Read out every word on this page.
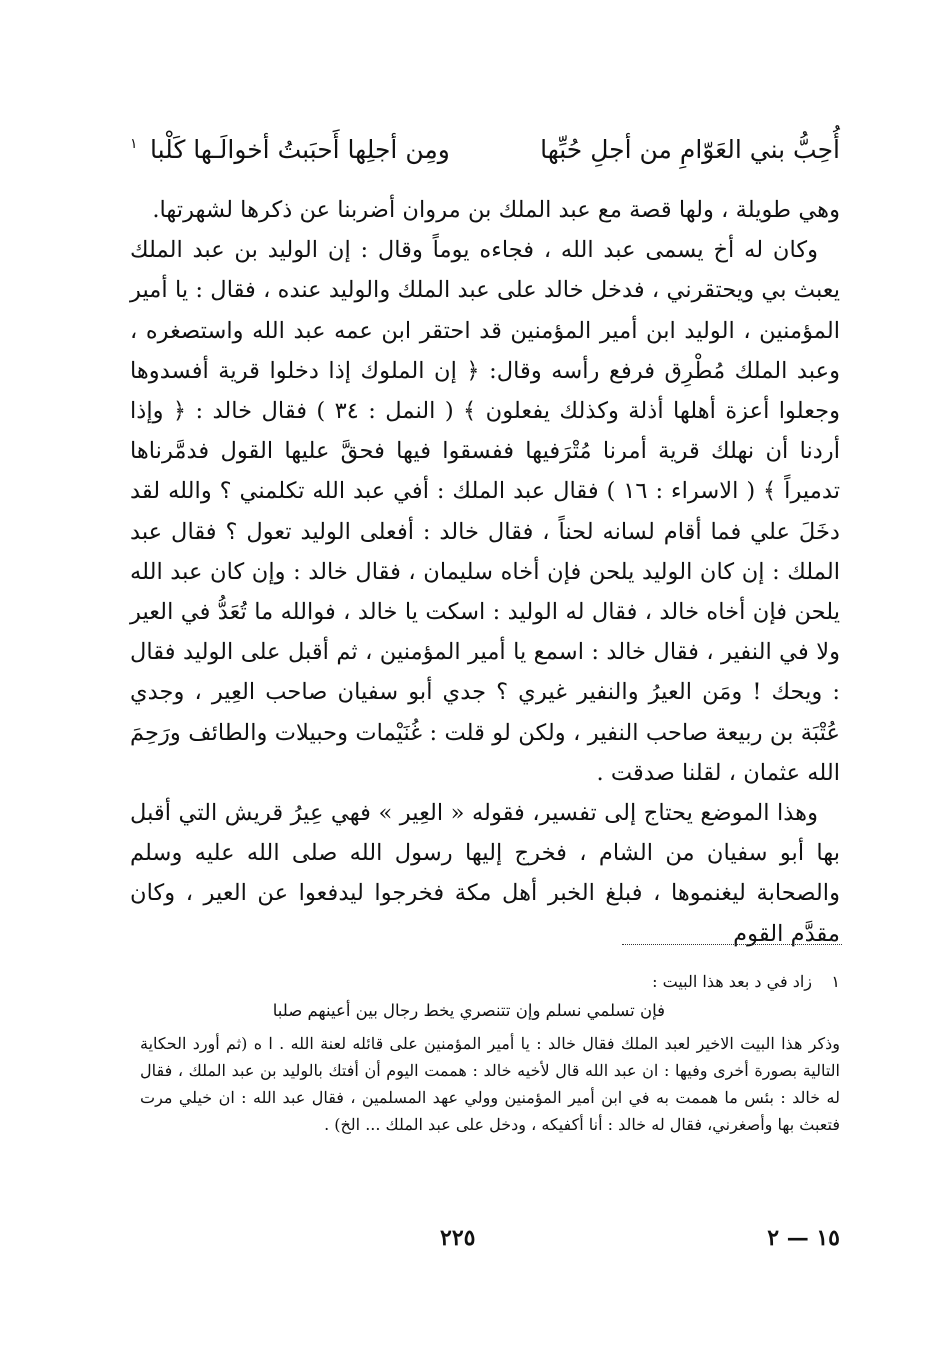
أُحِبُّ بني العَوّامِ من أجلِ حُبِّها
ومِن أجلِها أَحبَبتُ أخوالَـها كَلْبا
١

وهي طويلة ، ولها قصة مع عبد الملك بن مروان أضربنا عن ذكرها لشهرتها.

وكان له أخ يسمى عبد الله ، فجاءه يوماً وقال : إن الوليد بن عبد الملك يعبث بي ويحتقرني ، فدخل خالد على عبد الملك والوليد عنده ، فقال : يا أمير المؤمنين ، الوليد ابن أمير المؤمنين قد احتقر ابن عمه عبد الله واستصغره ، وعبد الملك مُطْرِق فرفع رأسه وقال: ﴿ إن الملوك إذا دخلوا قرية أفسدوها وجعلوا أعزة أهلها أذلة وكذلك يفعلون ﴾ ( النمل : ٣٤ ) فقال خالد : ﴿ وإذا أردنا أن نهلك قرية أمرنا مُتْرَفيها ففسقوا فيها فحقَّ عليها القول فدمَّرناها تدميراً ﴾ ( الاسراء : ١٦ ) فقال عبد الملك : أفي عبد الله تكلمني ؟ والله لقد دخَلَ علي فما أقام لسانه لحناً ، فقال خالد : أفعلى الوليد تعول ؟ فقال عبد الملك : إن كان الوليد يلحن فإن أخاه سليمان ، فقال خالد : وإن كان عبد الله يلحن فإن أخاه خالد ، فقال له الوليد : اسكت يا خالد ، فوالله ما تُعَدُّ في العير ولا في النفير ، فقال خالد : اسمع يا أمير المؤمنين ، ثم أقبل على الوليد فقال : ويحك ! ومَن العيرُ والنفير غيري ؟ جدي أبو سفيان صاحب العِير ، وجدي عُتْبَة بن ربيعة صاحب النفير ، ولكن لو قلت : غُنَيْمات وحبيلات والطائف ورَحِمَ الله عثمان ، لقلنا صدقت .

وهذا الموضع يحتاج إلى تفسير، فقوله « العِير » فهي عِيرُ قريش التي أقبل بها أبو سفيان من الشام ، فخرج إليها رسول الله صلى الله عليه وسلم والصحابة ليغنموها ، فبلغ الخبر أهل مكة فخرجوا ليدفعوا عن العير ، وكان مقدَّم القوم

١زاد في د بعد هذا البيت :

فإن تسلمي نسلم وإن تتنصري يخط رجال بين أعينهم صلبا

وذكر هذا البيت الاخير لعبد الملك فقال خالد : يا أمير المؤمنين على قائله لعنة الله . ا ه (ثم أورد الحكاية التالية بصورة أخرى وفيها : ان عبد الله قال لأخيه خالد : هممت اليوم أن أفتك بالوليد بن عبد الملك ، فقال له خالد : بئس ما هممت به في ابن أمير المؤمنين وولي عهد المسلمين ، فقال عبد الله : ان خيلي مرت فتعبث بها وأصغرني، فقال له خالد : أنا أكفيكه ، ودخل على عبد الملك ... الخ) .

١٥ — ٢
٢٢٥
